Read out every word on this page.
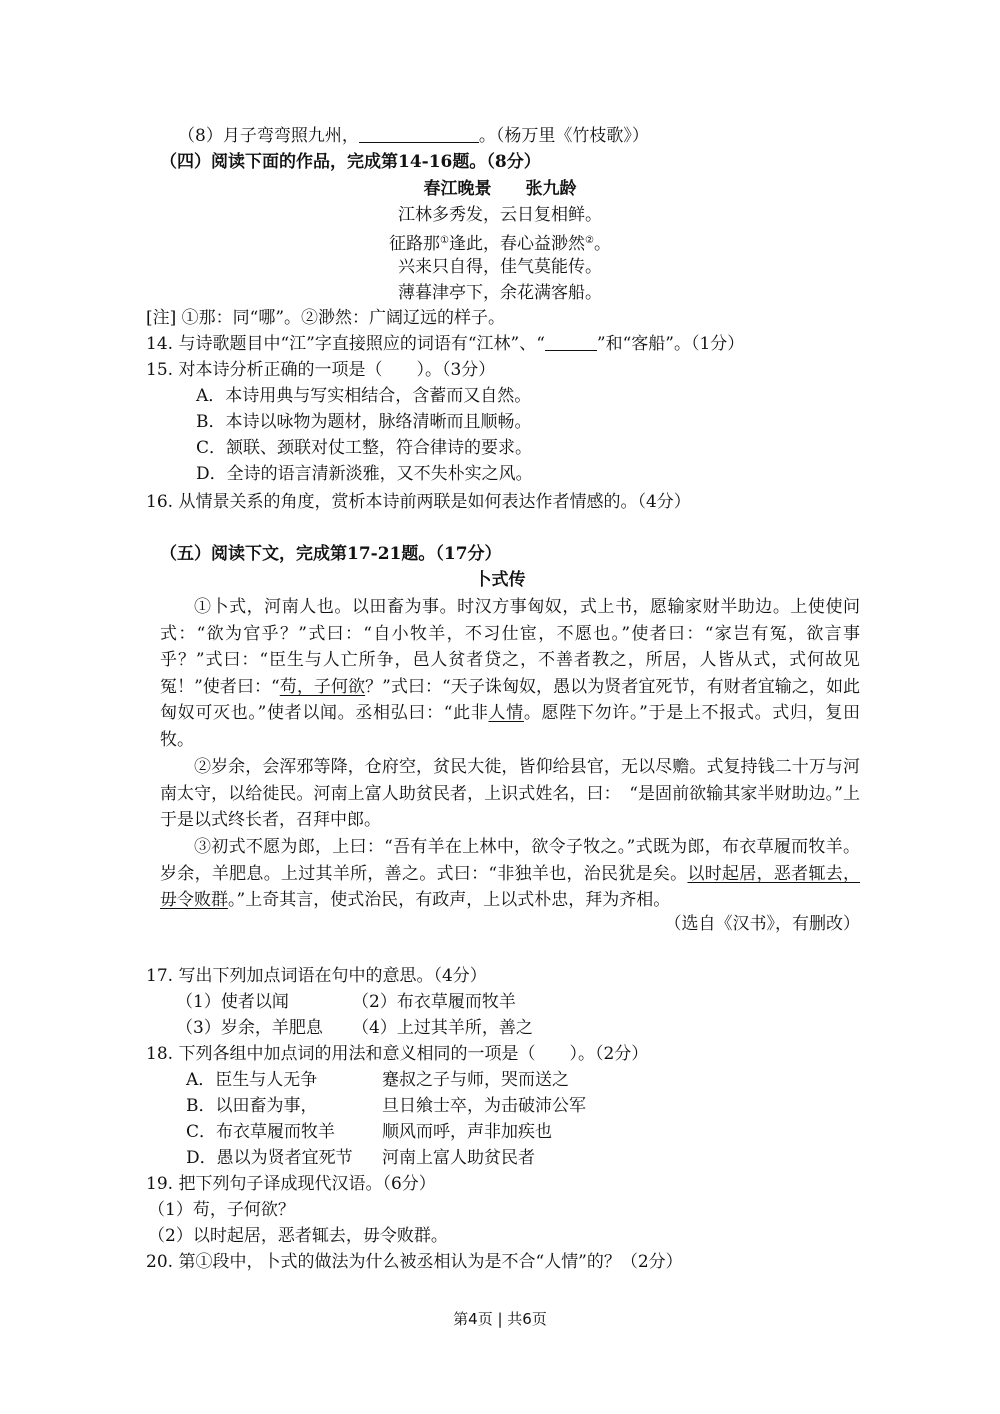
（8）月子弯弯照九州，	。（杨万里《竹枝歌》）
（四）阅读下面的作品，完成第14-16题。（8分）
春江晚景　　 张九龄
江林多秀发，云日复相鲜。
征路那①逢此，春心益渺然②。
兴来只自得，佳气莫能传。
薄暮津亭下，余花满客船。
[注] ①那：同“哪”。②渺然：广阔辽远的样子。
14. 与诗歌题目中“江”字直接照应的词语有“江林”、“	”和“客船”。（1分）
15. 对本诗分析正确的一项是（　　）。（3分）
A．本诗用典与写实相结合，含蓄而又自然。
B．本诗以咏物为题材，脉络清晰而且顺畅。
C．颔联、颈联对仗工整，符合律诗的要求。
D．全诗的语言清新淡雅，又不失朴实之风。
16. 从情景关系的角度，赏析本诗前两联是如何表达作者情感的。（4分）
（五）阅读下文，完成第17-21题。（17分）
卜式传
①卜式，河南人也。以田畜为事。时汉方事匈奴，式上书，愿输家财半助边。上使使问式：“欲为官乎？”式曰：“自小牧羊，不习仕宦，不愿也。”使者曰：“家岂有冤，欲言事乎？”式曰：“臣生与人亡所争，邑人贫者贷之，不善者教之，所居，人皆从式，式何故见冤！”使者曰：“苟，子何欲？”式曰：“天子诛匈奴，愚以为贤者宜死节，有财者宜输之，如此匈奴可灭也。”使者以闻。丞相弘曰：“此非人情。愿陛下勿许。”于是上不报式。式归，复田牧。
②岁余，会浑邪等降，仓府空，贫民大徙，皆仰给县官，无以尽赡。式复持钱二十万与河南太守，以给徙民。河南上富人助贫民者，上识式姓名，曰：　“是固前欲输其家半财助边。”上于是以式终长者，召拜中郎。
③初式不愿为郎，上曰：“吾有羊在上林中，欲令子牧之。”式既为郎，布衣草履而牧羊。岁余，羊肥息。上过其羊所，善之。式曰：“非独羊也，治民犹是矣。以时起居，恶者辄去，毋令败群。”上奇其言，使式治民，有政声，上以式朴忠，拜为齐相。
（选自《汉书》，有删改）
17. 写出下列加点词语在句中的意思。（4分）
（1）使者以闻	（2）布衣草履而牧羊
（3）岁余，羊肥息 （4）上过其羊所，善之
18. 下列各组中加点词的用法和意义相同的一项是（　　）。（2分）
A．臣生与人无争	蹇叔之子与师，哭而送之
B．以田畜为事，	旦日飨士卒，为击破沛公军
C．布衣草履而牧羊	顺风而呼，声非加疾也
D．愚以为贤者宜死节 河南上富人助贫民者
19. 把下列句子译成现代汉语。（6分）
（1）苟，子何欲？
（2）以时起居，恶者辄去，毋令败群。
20. 第①段中，卜式的做法为什么被丞相认为是不合“人情”的？（2分）
第4页 | 共6页
